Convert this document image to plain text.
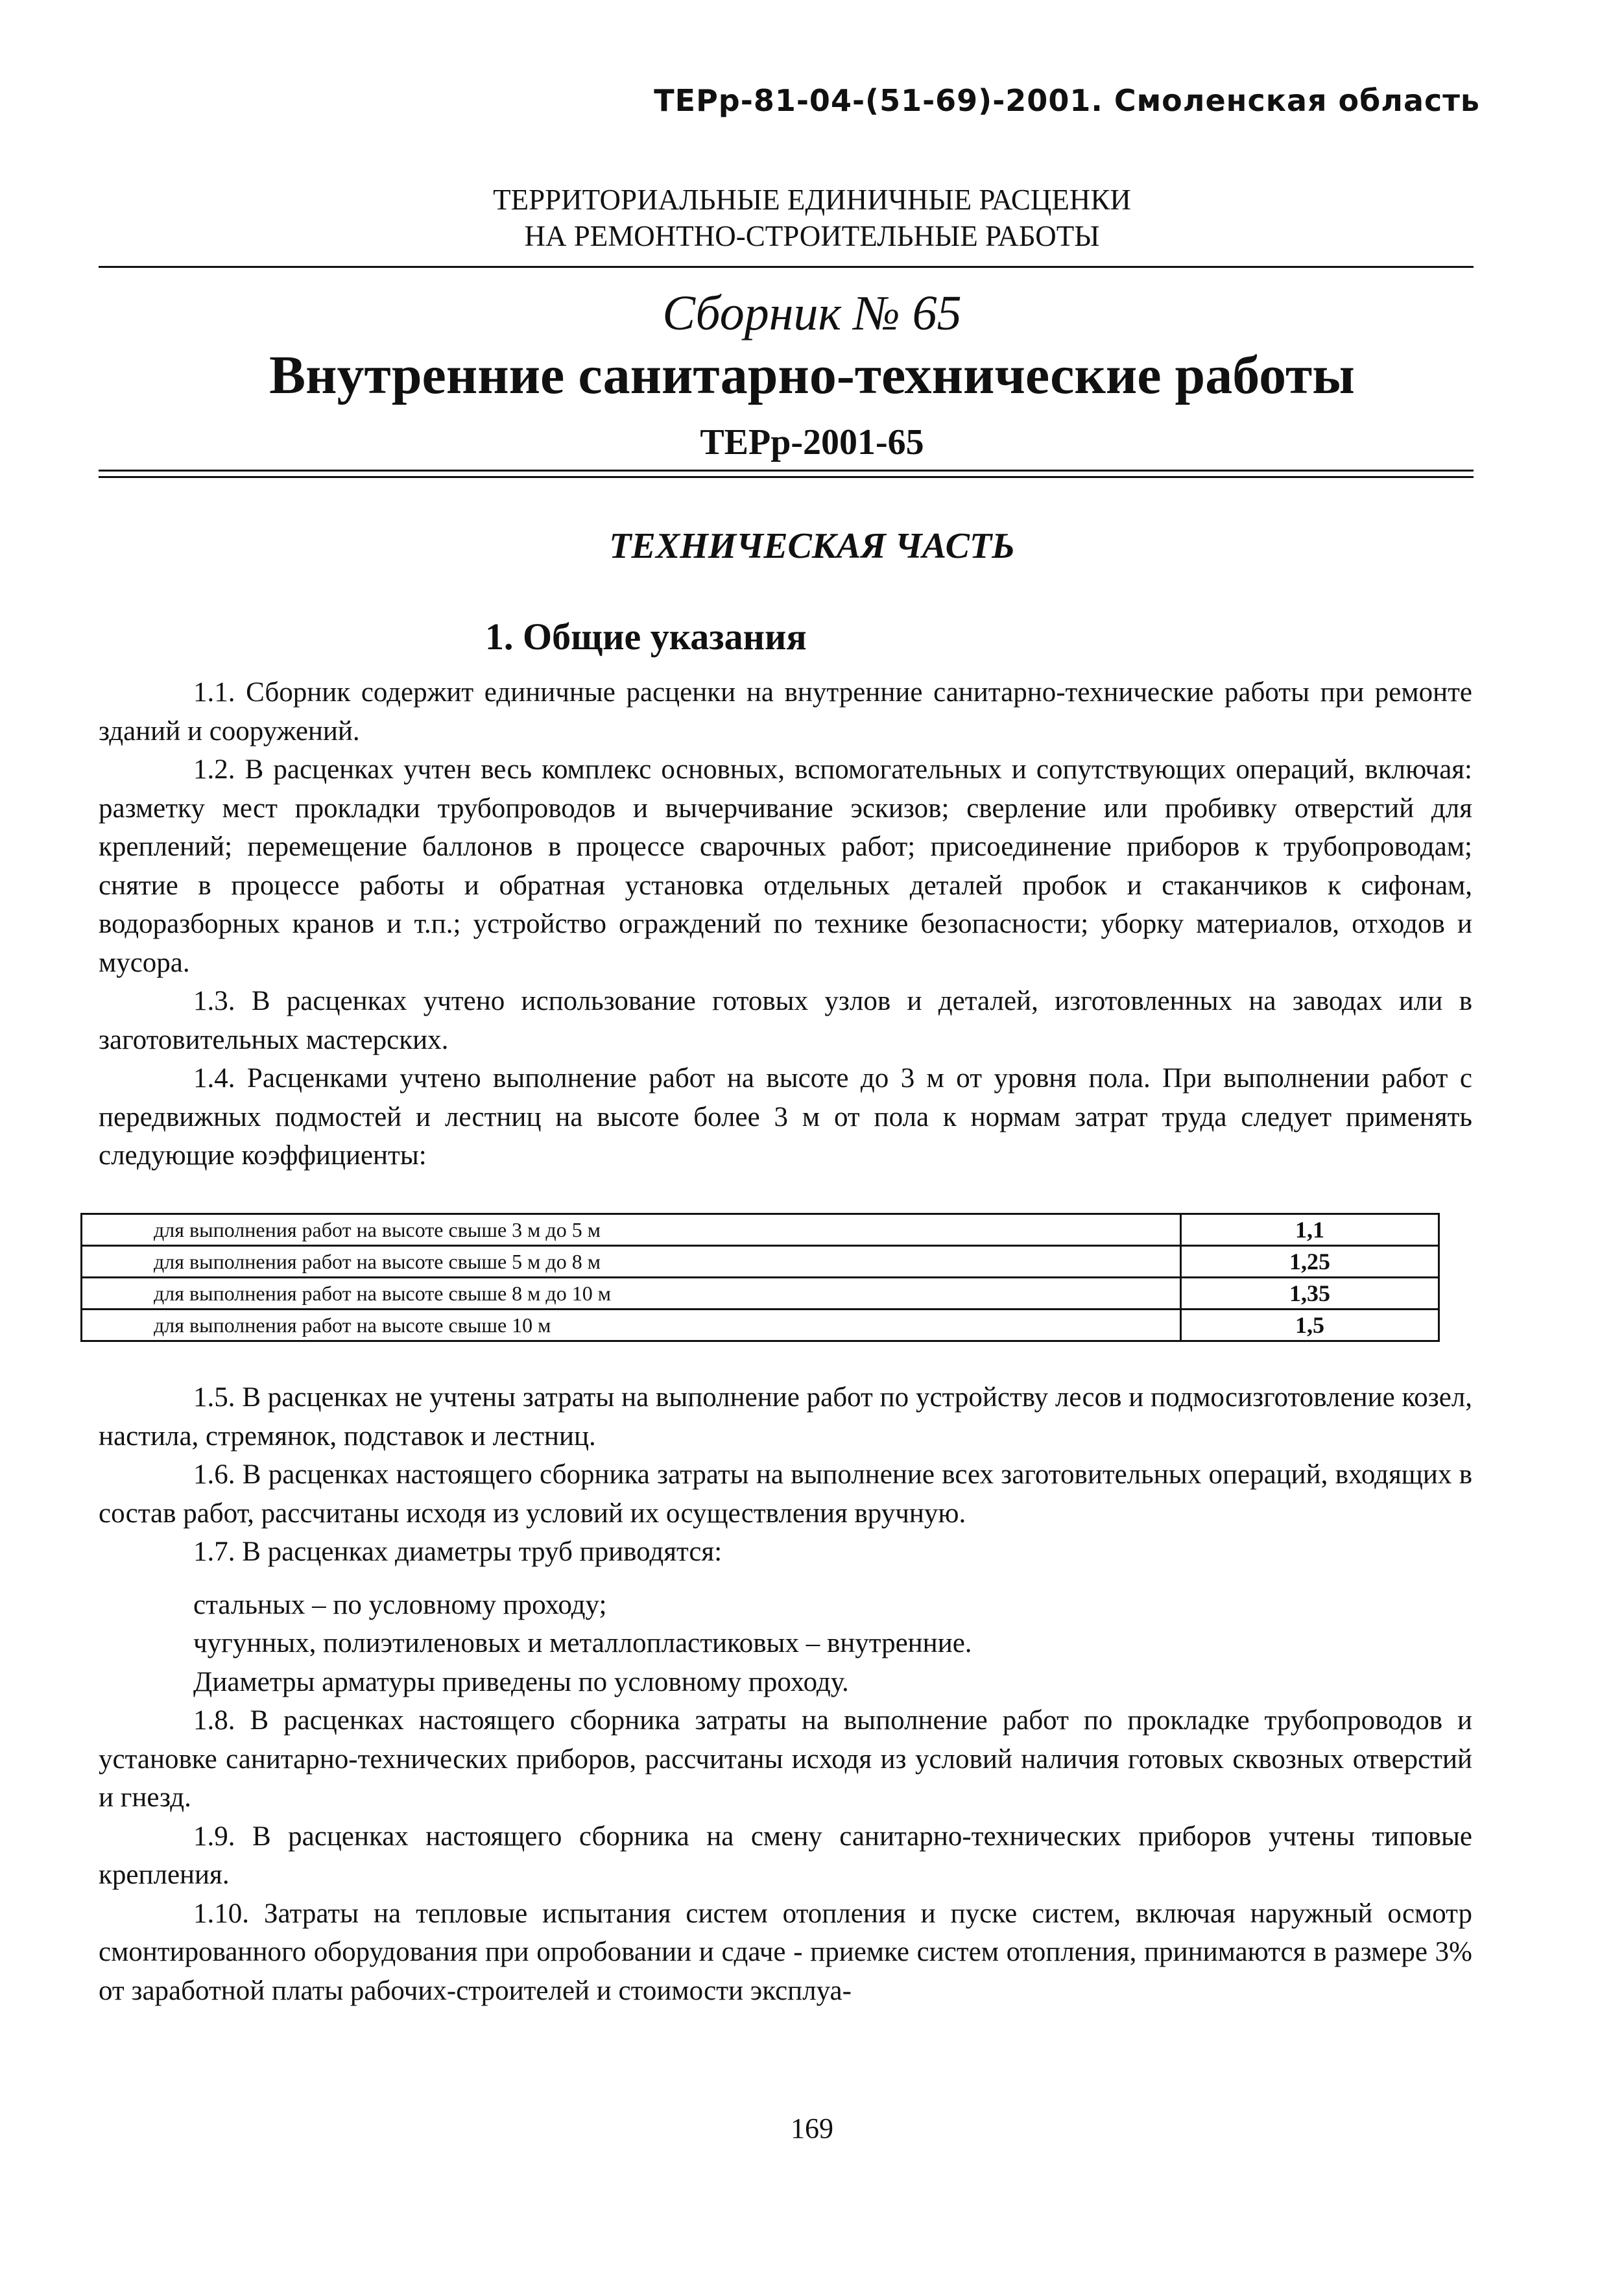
ТЕРр-81-04-(51-69)-2001. Смоленская область
ТЕРРИТОРИАЛЬНЫЕ ЕДИНИЧНЫЕ РАСЦЕНКИ
НА РЕМОНТНО-СТРОИТЕЛЬНЫЕ РАБОТЫ
Сборник № 65
Внутренние санитарно-технические работы
ТЕРр-2001-65
ТЕХНИЧЕСКАЯ ЧАСТЬ
1. Общие указания

1.1. Сборник содержит единичные расценки на внутренние санитарно-технические работы при ремонте зданий и сооружений.

1.2. В расценках учтен весь комплекс основных, вспомогательных и сопутствующих операций, включая: разметку мест прокладки трубопроводов и вычерчивание эскизов; сверление или пробивку отверстий для креплений; перемещение баллонов в процессе сварочных работ; присоединение приборов к трубопроводам; снятие в процессе работы и обратная установка отдельных деталей пробок и стаканчиков к сифонам, водоразборных кранов и т.п.; устройство ограждений по технике безопасности; уборку материалов, отходов и мусора.

1.3. В расценках учтено использование готовых узлов и деталей, изготовленных на заводах или в заготовительных мастерских.

1.4. Расценками учтено выполнение работ на высоте до 3 м от уровня пола. При выполнении работ с передвижных подмостей и лестниц на высоте более 3 м от пола к нормам затрат труда следует применять следующие коэффициенты:

для выполнения работ на высоте свыше 3 м до 5 м	1,1
для выполнения работ на высоте свыше 5 м до 8 м	1,25
для выполнения работ на высоте свыше 8 м до 10 м	1,35
для выполнения работ на высоте свыше 10 м	1,5

1.5. В расценках не учтены затраты на выполнение работ по устройству лесов и подмосизготовление козел, настила, стремянок, подставок и лестниц.

1.6. В расценках настоящего сборника затраты на выполнение всех заготовительных операций, входящих в состав работ, рассчитаны исходя из условий их осуществления вручную.

1.7. В расценках диаметры труб приводятся:

стальных – по условному проходу;

чугунных, полиэтиленовых и металлопластиковых – внутренние.

Диаметры арматуры приведены по условному проходу.

1.8. В расценках настоящего сборника затраты на выполнение работ по прокладке трубопроводов и установке санитарно-технических приборов, рассчитаны исходя из условий наличия готовых сквозных отверстий и гнезд.

1.9. В расценках настоящего сборника на смену санитарно-технических приборов учтены типовые крепления.

1.10. Затраты на тепловые испытания систем отопления и пуске систем, включая наружный осмотр смонтированного оборудования при опробовании и сдаче - приемке систем отопления, принимаются в размере 3% от заработной платы рабочих-строителей и стоимости эксплуа-

169
